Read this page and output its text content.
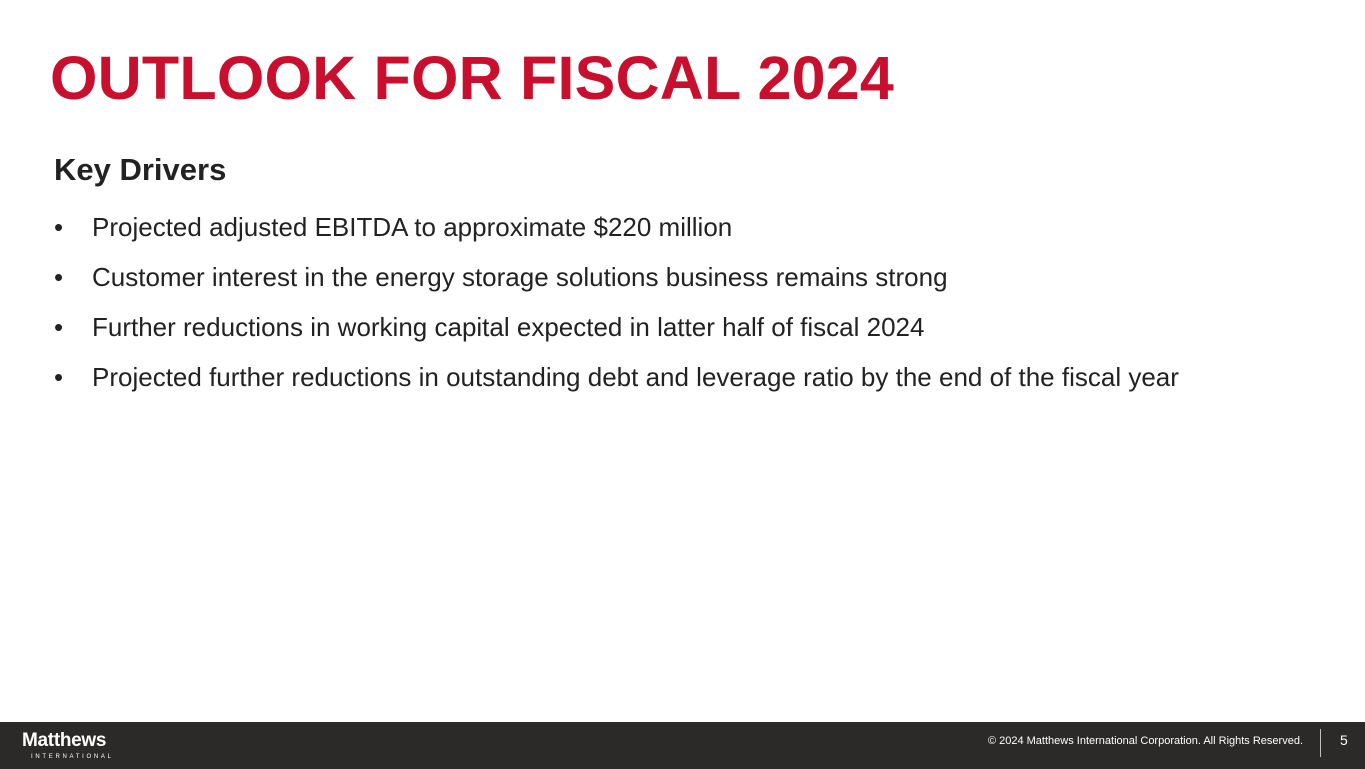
OUTLOOK FOR FISCAL 2024
Key Drivers
•	Projected adjusted EBITDA to approximate $220 million
•	Customer interest in the energy storage solutions business remains strong
•	Further reductions in working capital expected in latter half of fiscal 2024
•	Projected further reductions in outstanding debt and leverage ratio by the end of the fiscal year
Matthews
INTERNATIONAL
© 2024 Matthews International Corporation. All Rights Reserved.	5
